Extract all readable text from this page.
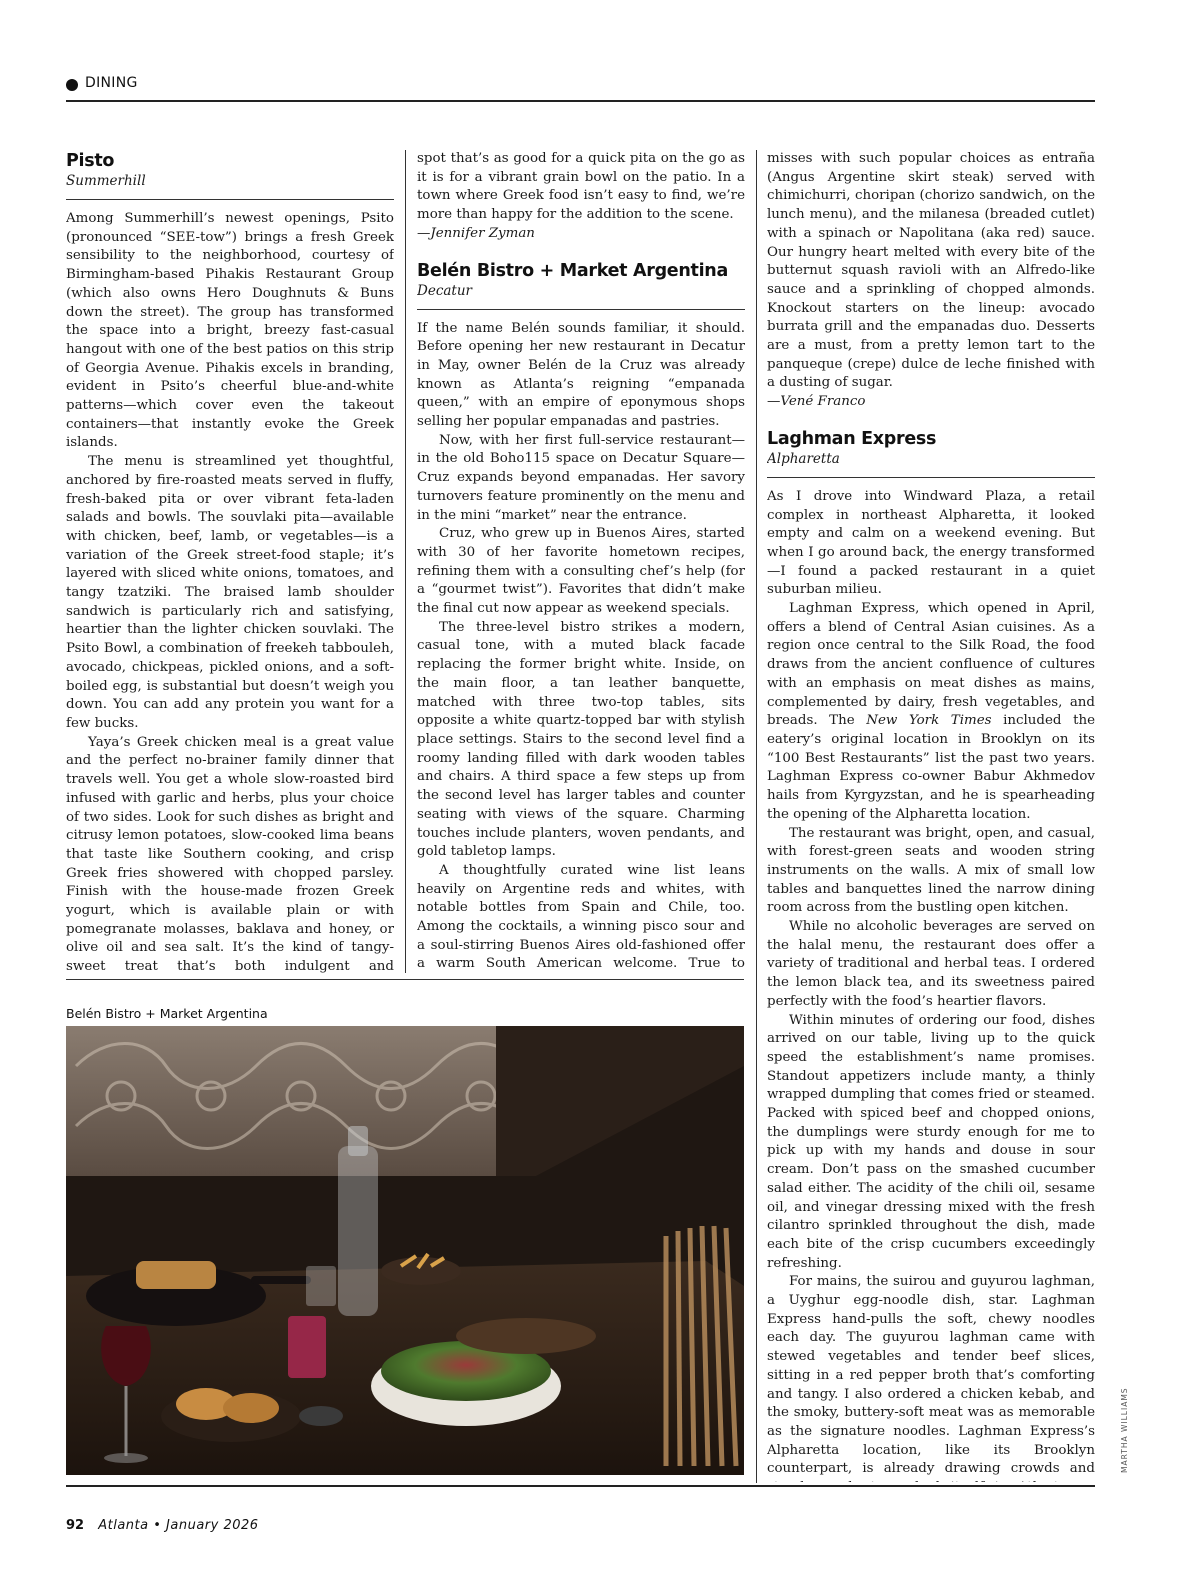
DINING
Pisto
Summerhill

Among Summerhill’s newest openings, Psito (pronounced “SEE-tow”) brings a fresh Greek sensibility to the neighborhood, courtesy of Birmingham-based Pihakis Restaurant Group (which also owns Hero Doughnuts & Buns down the street). The group has transformed the space into a bright, breezy fast-casual hangout with one of the best patios on this strip of Georgia Avenue. Pihakis excels in branding, evident in Psito’s cheerful blue-and-white patterns—which cover even the takeout containers—that instantly evoke the Greek islands.

The menu is streamlined yet thoughtful, anchored by fire-roasted meats served in fluffy, fresh-baked pita or over vibrant feta-laden salads and bowls. The souvlaki pita—available with chicken, beef, lamb, or vegetables—is a variation of the Greek street-food staple; it’s layered with sliced white onions, tomatoes, and tangy tzatziki. The braised lamb shoulder sandwich is particularly rich and satisfying, heartier than the lighter chicken souvlaki. The Psito Bowl, a combination of freekeh tabbouleh, avocado, chickpeas, pickled onions, and a soft-boiled egg, is substantial but doesn’t weigh you down. You can add any protein you want for a few bucks.

Yaya’s Greek chicken meal is a great value and the perfect no-brainer family dinner that travels well. You get a whole slow-roasted bird infused with garlic and herbs, plus your choice of two sides. Look for such dishes as bright and citrusy lemon potatoes, slow-cooked lima beans that taste like Southern cooking, and crisp Greek fries showered with chopped parsley. Finish with the house-made frozen Greek yogurt, which is available plain or with pomegranate molasses, baklava and honey, or olive oil and sea salt. It’s the kind of tangy-sweet treat that’s both indulgent and

spot that’s as good for a quick pita on the go as it is for a vibrant grain bowl on the patio. In a town where Greek food isn’t easy to find, we’re more than happy for the addition to the scene.

—Jennifer Zyman
Belén Bistro + Market Argentina
Decatur

If the name Belén sounds familiar, it should. Before opening her new restaurant in Decatur in May, owner Belén de la Cruz was already known as Atlanta’s reigning “empanada queen,” with an empire of eponymous shops selling her popular empanadas and pastries.

Now, with her first full-service restaurant—in the old Boho115 space on Decatur Square—Cruz expands beyond empanadas. Her savory turnovers feature prominently on the menu and in the mini “market” near the entrance.

Cruz, who grew up in Buenos Aires, started with 30 of her favorite hometown recipes, refining them with a consulting chef’s help (for a “gourmet twist”). Favorites that didn’t make the final cut now appear as weekend specials.

The three-level bistro strikes a modern, casual tone, with a muted black facade replacing the former bright white. Inside, on the main floor, a tan leather banquette, matched with three two-top tables, sits opposite a white quartz-topped bar with stylish place settings. Stairs to the second level find a roomy landing filled with dark wooden tables and chairs. A third space a few steps up from the second level has larger tables and counter seating with views of the square. Charming touches include planters, woven pendants, and gold tabletop lamps.

A thoughtfully curated wine list leans heavily on Argentine reds and whites, with notable bottles from Spain and Chile, too. Among the cocktails, a winning pisco sour and a soul-stirring Buenos Aires old-fashioned offer a warm South American welcome. True to

misses with such popular choices as entraña (Angus Argentine skirt steak) served with chimichurri, choripan (chorizo sandwich, on the lunch menu), and the milanesa (breaded cutlet) with a spinach or Napolitana (aka red) sauce. Our hungry heart melted with every bite of the butternut squash ravioli with an Alfredo-like sauce and a sprinkling of chopped almonds. Knockout starters on the lineup: avocado burrata grill and the empanadas duo. Desserts are a must, from a pretty lemon tart to the panqueque (crepe) dulce de leche finished with a dusting of sugar.

—Vené Franco
Laghman Express
Alpharetta

As I drove into Windward Plaza, a retail complex in northeast Alpharetta, it looked empty and calm on a weekend evening. But when I go around back, the energy transformed—I found a packed restaurant in a quiet suburban milieu.

Laghman Express, which opened in April, offers a blend of Central Asian cuisines. As a region once central to the Silk Road, the food draws from the ancient confluence of cultures with an emphasis on meat dishes as mains, complemented by dairy, fresh vegetables, and breads. The New York Times included the eatery’s original location in Brooklyn on its “100 Best Restaurants” list the past two years. Laghman Express co-owner Babur Akhmedov hails from Kyrgyzstan, and he is spearheading the opening of the Alpharetta location.

The restaurant was bright, open, and casual, with forest-green seats and wooden string instruments on the walls. A mix of small low tables and banquettes lined the narrow dining room across from the bustling open kitchen.

While no alcoholic beverages are served on the halal menu, the restaurant does offer a variety of traditional and herbal teas. I ordered the lemon black tea, and its sweetness paired perfectly with the food’s heartier flavors.

Within minutes of ordering our food, dishes arrived on our table, living up to the quick speed the establishment’s name promises. Standout appetizers include manty, a thinly wrapped dumpling that comes fried or steamed. Packed with spiced beef and chopped onions, the dumplings were sturdy enough for me to pick up with my hands and douse in sour cream. Don’t pass on the smashed cucumber salad either. The acidity of the chili oil, sesame oil, and vinegar dressing mixed with the fresh cilantro sprinkled throughout the dish, made each bite of the crisp cucumbers exceedingly refreshing.

For mains, the suirou and guyurou laghman, a Uyghur egg-noodle dish, star. Laghman Express hand-pulls the soft, chewy noodles each day. The guyurou laghman came with stewed vegetables and tender beef slices, sitting in a red pepper broth that’s comforting and tangy. I also ordered a chicken kebab, and the smoky, buttery-soft meat was as memorable as the signature noodles. Laghman Express’s Alpharetta location, like its Brooklyn counterpart, is already drawing crowds and

Belén Bistro + Market Argentina
MARTHA WILLIAMS
92 Atlanta • January 2026
